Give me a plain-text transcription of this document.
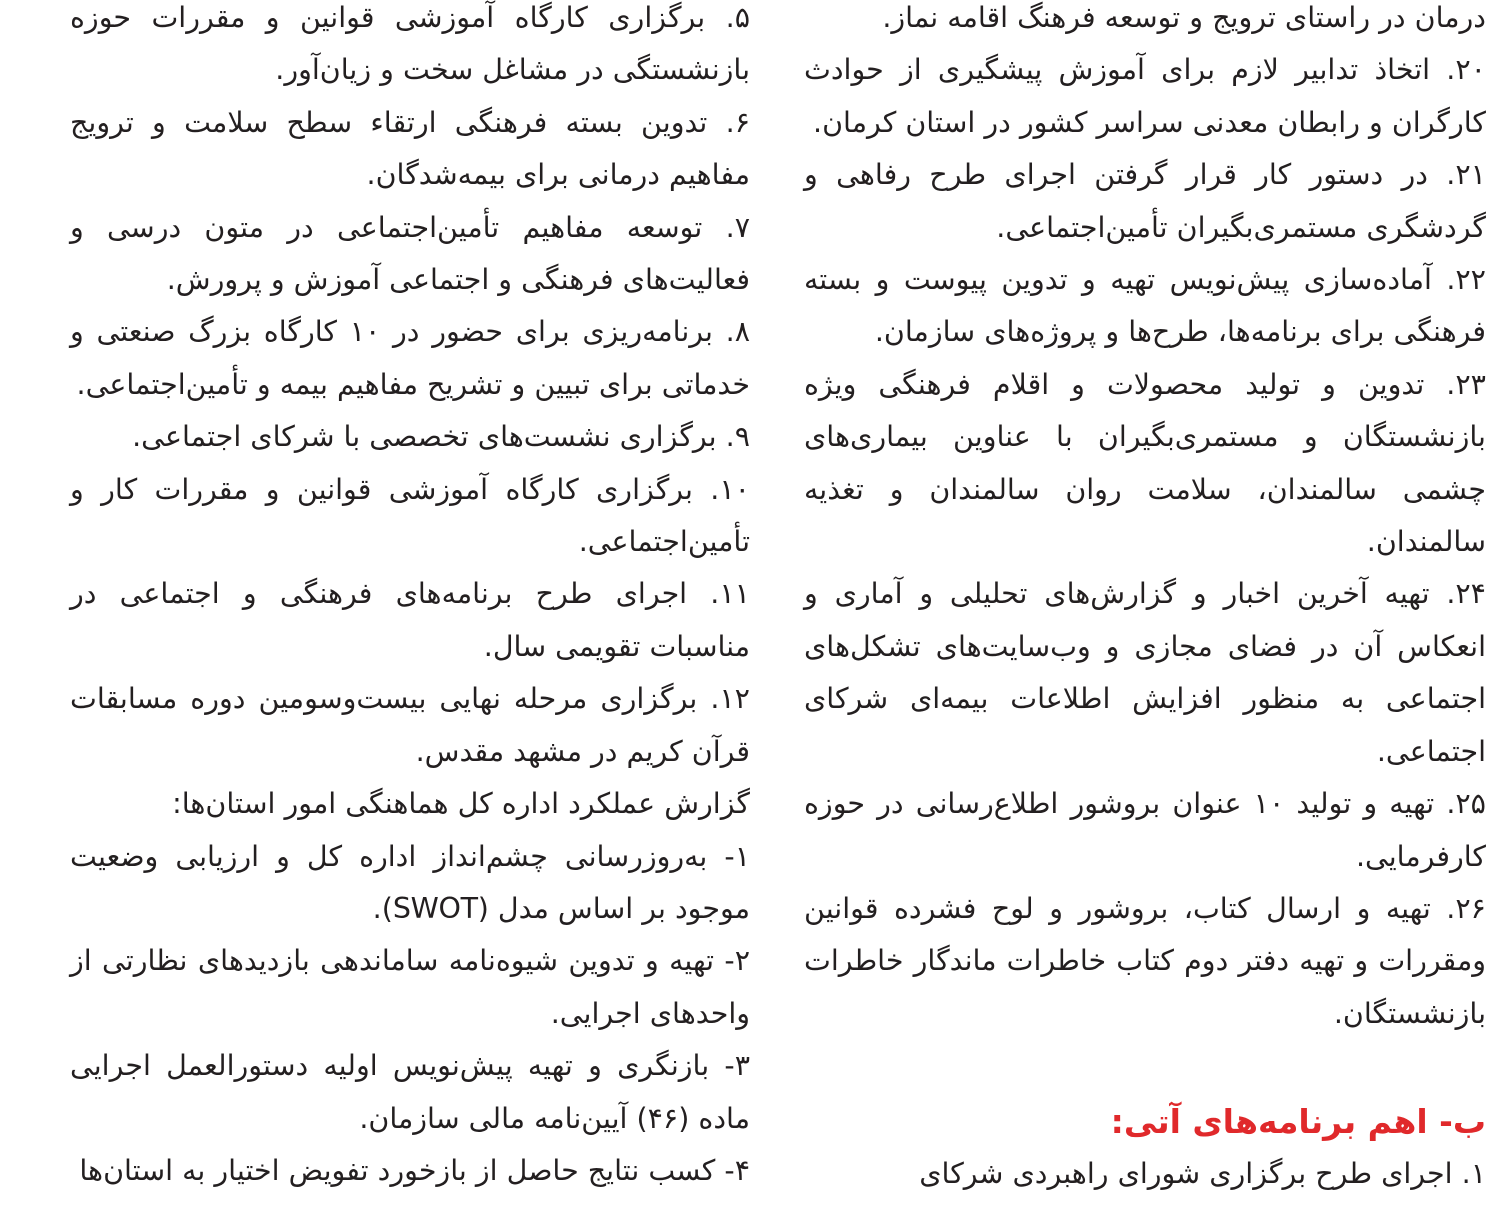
درمان در راستای ترویج و توسعه فرهنگ اقامه نماز.

۲۰. اتخاذ تدابیر لازم برای آموزش پیشگیری از حوادث کارگران و رابطان معدنی سراسر کشور در استان کرمان.

۲۱. در دستور کار قرار گرفتن اجرای طرح رفاهی و گردشگری مستمری‌بگیران تأمین‌اجتماعی.

۲۲. آماده‌سازی پیش‌نویس تهیه و تدوین پیوست و بسته فرهنگی برای برنامه‌ها، طرح‌ها و پروژه‌های سازمان.

۲۳. تدوین و تولید محصولات و اقلام فرهنگی ویژه بازنشستگان و مستمری‌بگیران با عناوین بیماری‌های چشمی سالمندان، سلامت روان سالمندان و تغذیه سالمندان.

۲۴. تهیه آخرین اخبار و گزارش‌های تحلیلی و آماری و انعکاس آن در فضای مجازی و وب‌سایت‌های تشکل‌های اجتماعی به منظور افزایش اطلاعات بیمه‌ای شرکای اجتماعی.

۲۵. تهیه و تولید ۱۰ عنوان بروشور اطلاع‌رسانی در حوزه کارفرمایی.

۲۶. تهیه و ارسال کتاب، بروشور و لوح فشرده قوانین ومقررات و تهیه دفتر دوم کتاب خاطرات ماندگار خاطرات بازنشستگان.

ب- اهم برنامه‌های آتی:

۱. اجرای طرح برگزاری شورای راهبردی شرکای

۵. برگزاری کارگاه آموزشی قوانین و مقررات حوزه بازنشستگی در مشاغل سخت و زیان‌آور.

۶. تدوین بسته فرهنگی ارتقاء سطح سلامت و ترویج مفاهیم درمانی برای بیمه‌شدگان.

۷. توسعه مفاهیم تأمین‌اجتماعی در متون درسی و فعالیت‌های فرهنگی و اجتماعی آموزش و پرورش.

۸. برنامه‌ریزی برای حضور در ۱۰ کارگاه بزرگ صنعتی و خدماتی برای تبیین و تشریح مفاهیم بیمه و تأمین‌اجتماعی.

۹. برگزاری نشست‌های تخصصی با شرکای اجتماعی.

۱۰. برگزاری کارگاه آموزشی قوانین و مقررات کار و تأمین‌اجتماعی.

۱۱. اجرای طرح برنامه‌های فرهنگی و اجتماعی در مناسبات تقویمی سال.

۱۲. برگزاری مرحله نهایی بیست‌وسومین دوره مسابقات قرآن کریم در مشهد مقدس.

گزارش عملکرد اداره کل هماهنگی امور استان‌ها:

۱- به‌روزرسانی چشم‌انداز اداره کل و ارزیابی وضعیت موجود بر اساس مدل (SWOT).

۲- تهیه و تدوین شیوه‌نامه ساماندهی بازدیدهای نظارتی از واحدهای اجرایی.

۳- بازنگری و تهیه پیش‌نویس اولیه دستورالعمل اجرایی ماده (۴۶) آیین‌نامه مالی سازمان.

۴- کسب نتایج حاصل از بازخورد تفویض اختیار به استان‌ها
